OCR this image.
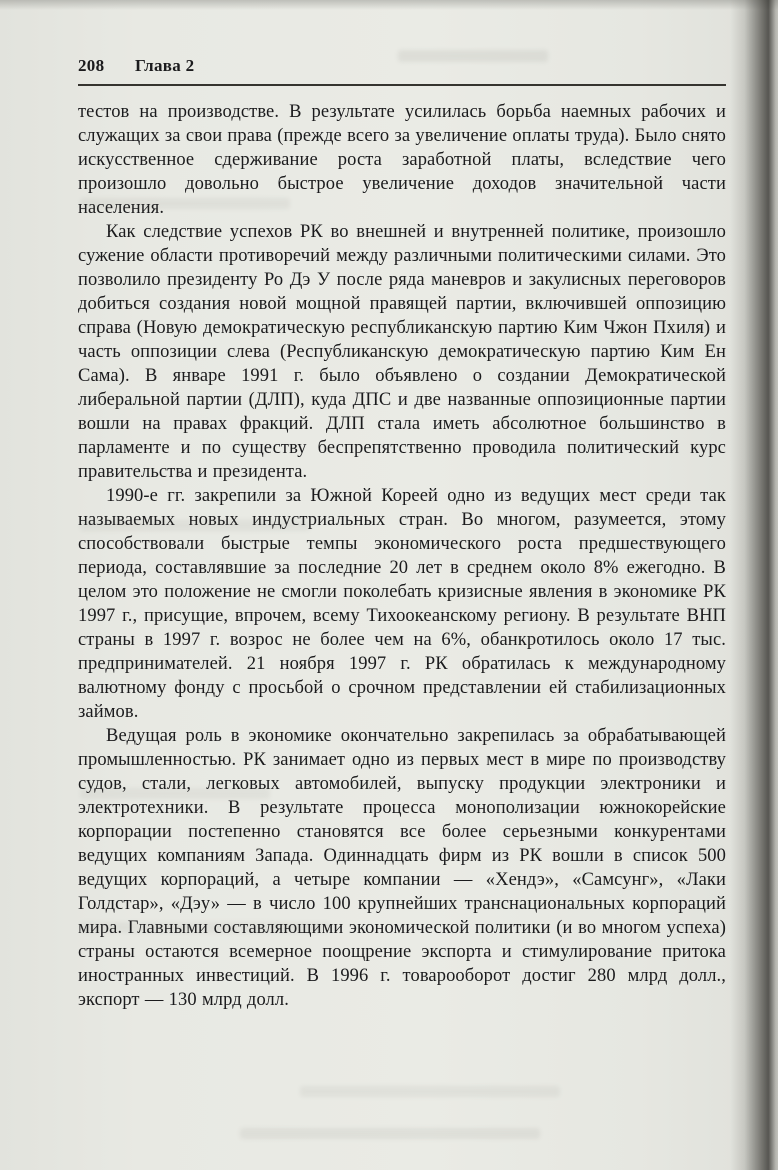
208 Глава 2

тестов на производстве. В результате усилилась борьба наемных рабочих и служащих за свои права (прежде всего за увеличение оплаты труда). Было снято искусственное сдерживание роста заработной платы, вследствие чего произошло довольно быстрое увеличение доходов значительной части населения.

Как следствие успехов РК во внешней и внутренней политике, произошло сужение области противоречий между различными политическими силами. Это позволило президенту Ро Дэ У после ряда маневров и закулисных переговоров добиться создания новой мощной правящей партии, включившей оппозицию справа (Новую демократическую республиканскую партию Ким Чжон Пхиля) и часть оппозиции слева (Республиканскую демократическую партию Ким Ен Сама). В январе 1991 г. было объявлено о создании Демократической либеральной партии (ДЛП), куда ДПС и две названные оппозиционные партии вошли на правах фракций. ДЛП стала иметь абсолютное большинство в парламенте и по существу беспрепятственно проводила политический курс правительства и президента.

1990-е гг. закрепили за Южной Кореей одно из ведущих мест среди так называемых новых индустриальных стран. Во многом, разумеется, этому способствовали быстрые темпы экономического роста предшествующего периода, составлявшие за последние 20 лет в среднем около 8% ежегодно. В целом это положение не смогли поколебать кризисные явления в экономике РК 1997 г., присущие, впрочем, всему Тихоокеанскому региону. В результате ВНП страны в 1997 г. возрос не более чем на 6%, обанкротилось около 17 тыс. предпринимателей. 21 ноября 1997 г. РК обратилась к международному валютному фонду с просьбой о срочном представлении ей стабилизационных займов.

Ведущая роль в экономике окончательно закрепилась за обрабатывающей промышленностью. РК занимает одно из первых мест в мире по производству судов, стали, легковых автомобилей, выпуску продукции электроники и электротехники. В результате процесса монополизации южнокорейские корпорации постепенно становятся все более серьезными конкурентами ведущих компаниям Запада. Одиннадцать фирм из РК вошли в список 500 ведущих корпораций, а четыре компании — «Хендэ», «Самсунг», «Лаки Голдстар», «Дэу» — в число 100 крупнейших транснациональных корпораций мира. Главными составляющими экономической политики (и во многом успеха) страны остаются всемерное поощрение экспорта и стимулирование притока иностранных инвестиций. В 1996 г. товарооборот достиг 280 млрд долл., экспорт — 130 млрд долл.
